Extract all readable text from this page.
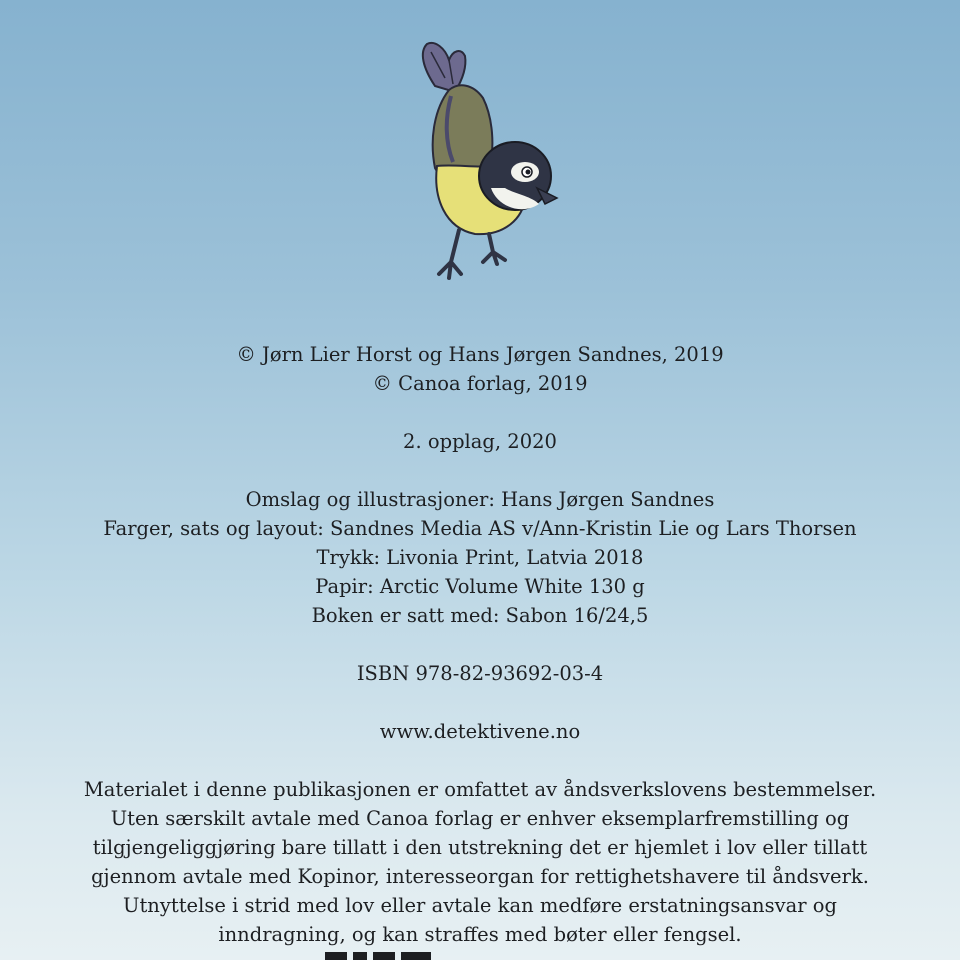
© Jørn Lier Horst og Hans Jørgen Sandnes, 2019
© Canoa forlag, 2019
2. opplag, 2020
Omslag og illustrasjoner: Hans Jørgen Sandnes
Farger, sats og layout: Sandnes Media AS v/Ann-Kristin Lie og Lars Thorsen
Trykk: Livonia Print, Latvia 2018
Papir: Arctic Volume White 130 g
Boken er satt med: Sabon 16/24,5
ISBN 978-82-93692-03-4
www.detektivene.no
Materialet i denne publikasjonen er omfattet av åndsverkslovens bestemmelser.
Uten særskilt avtale med Canoa forlag er enhver eksemplarfremstilling og
tilgjengeliggjøring bare tillatt i den utstrekning det er hjemlet i lov eller tillatt
gjennom avtale med Kopinor, interesseorgan for rettighetshavere til åndsverk.
Utnyttelse i strid med lov eller avtale kan medføre erstatningsansvar og
inndragning, og kan straffes med bøter eller fengsel.
